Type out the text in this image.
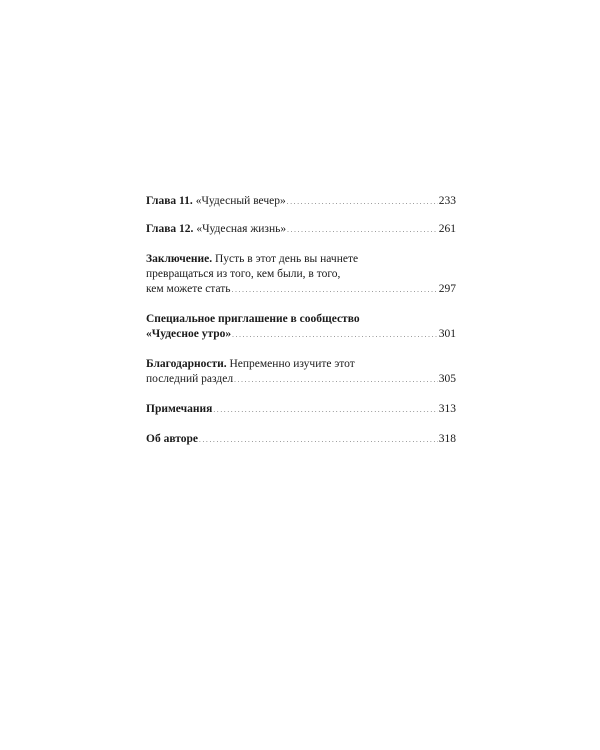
Глава 11.
«Чудесный вечер» . . .	233
Глава 12.
«Чудесная жизнь» . . .	261
Заключение. Пусть в этот день вы начнете
превращаться из того, кем были, в того,
кем можете стать . . .	297
Специальное приглашение в сообщество
«Чудесное утро» . . .	301
Благодарности. Непременно изучите этот
последний раздел . . .	305
Примечания . . .	313
Об авторе . . .	318
